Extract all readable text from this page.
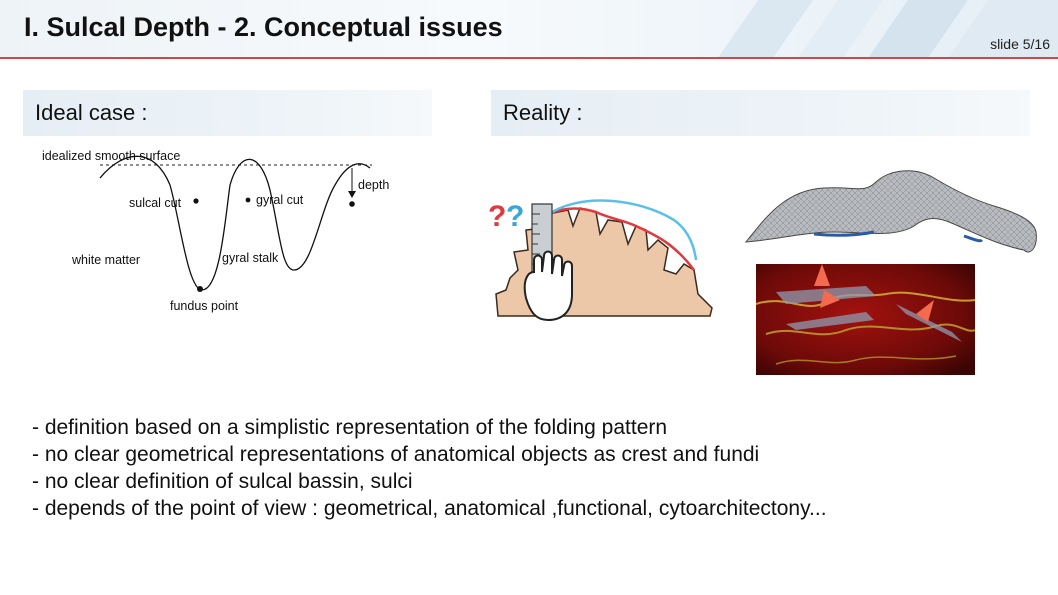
I. Sulcal Depth - 2. Conceptual issues
slide 5/16
Ideal case :	Reality :
idealized smooth surface
depth
sulcal cut	gyral cut
white matter	gyral stalk
fundus point
? ?
- definition based on a simplistic representation of the folding pattern
- no clear geometrical representations of anatomical objects as crest and fundi
- no clear definition of sulcal bassin, sulci
- depends of the point of view : geometrical, anatomical ,functional, cytoarchitectony...
